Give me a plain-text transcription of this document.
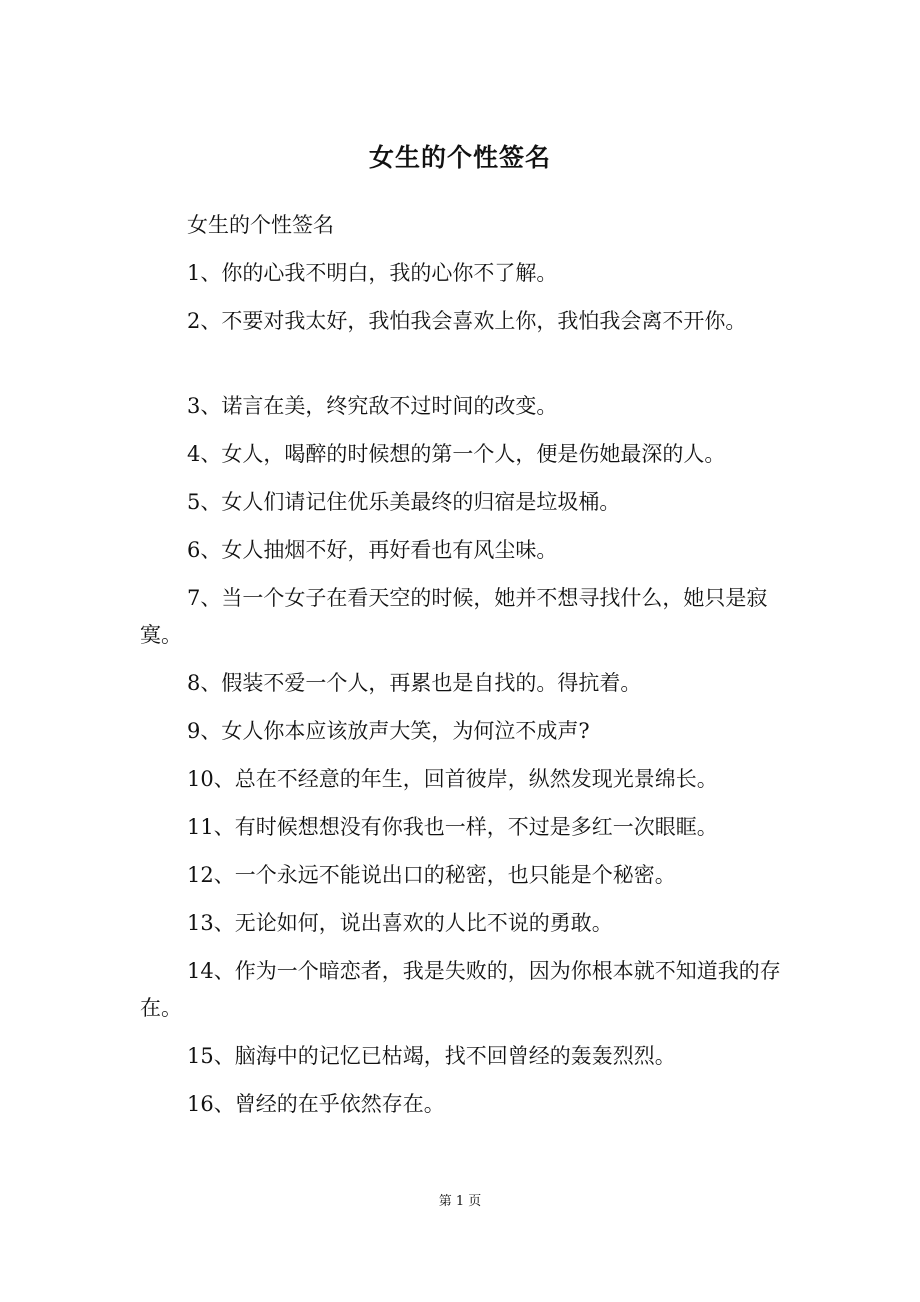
女生的个性签名

女生的个性签名

1、你的心我不明白，我的心你不了解。

2、不要对我太好，我怕我会喜欢上你，我怕我会离不开你。

3、诺言在美，终究敌不过时间的改变。

4、女人，喝醉的时候想的第一个人，便是伤她最深的人。

5、女人们请记住优乐美最终的归宿是垃圾桶。

6、女人抽烟不好，再好看也有风尘味。

7、当一个女子在看天空的时候，她并不想寻找什么，她只是寂寞。

8、假装不爱一个人，再累也是自找的。得抗着。

9、女人你本应该放声大笑，为何泣不成声?

10、总在不经意的年生，回首彼岸，纵然发现光景绵长。

11、有时候想想没有你我也一样，不过是多红一次眼眶。

12、一个永远不能说出口的秘密，也只能是个秘密。

13、无论如何，说出喜欢的人比不说的勇敢。

14、作为一个暗恋者，我是失败的，因为你根本就不知道我的存在。

15、脑海中的记忆已枯竭，找不回曾经的轰轰烈烈。

16、曾经的在乎依然存在。

第 1 页
